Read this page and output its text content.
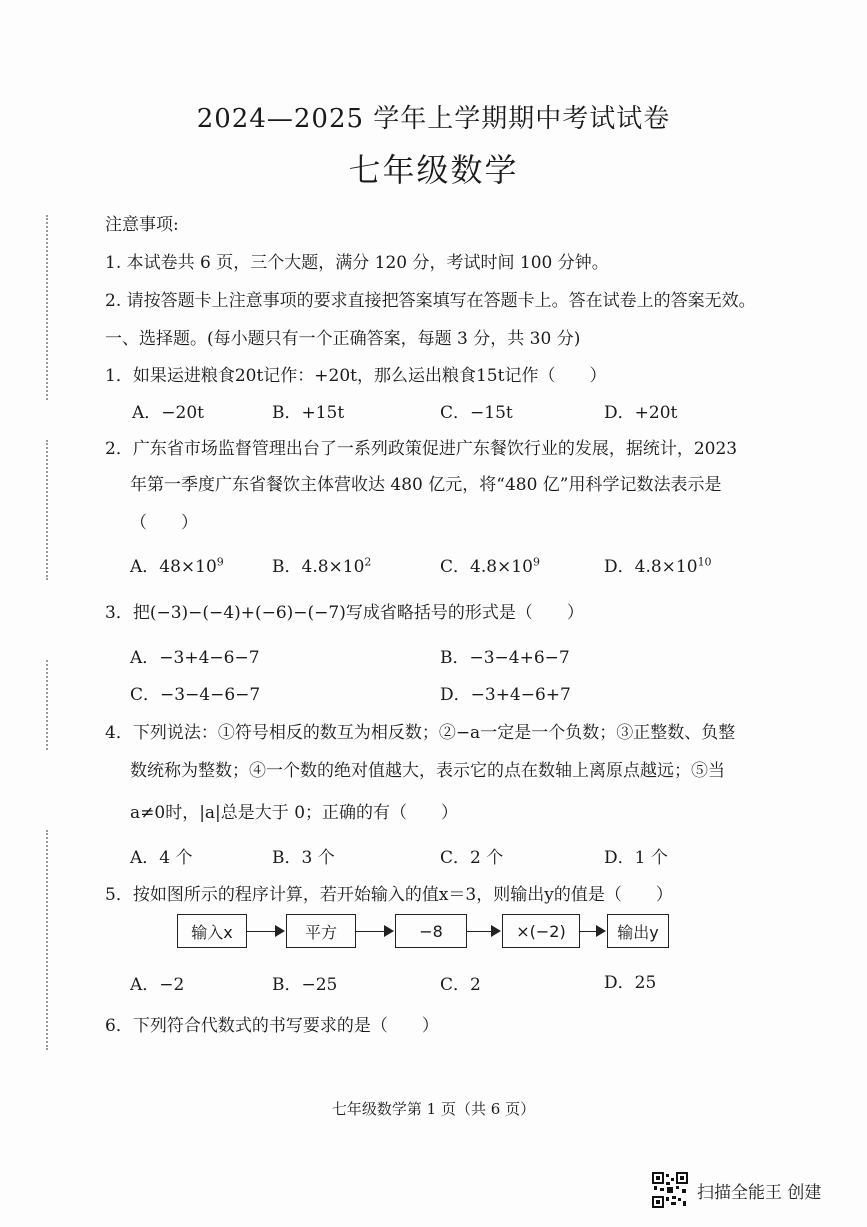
2024—2025 学年上学期期中考试试卷
七年级数学
注意事项:
1. 本试卷共 6 页，三个大题，满分 120 分，考试时间 100 分钟。
2. 请按答题卡上注意事项的要求直接把答案填写在答题卡上。答在试卷上的答案无效。
一、选择题。(每小题只有一个正确答案，每题 3 分，共 30 分)
1．如果运进粮食20t记作：+20t，那么运出粮食15t记作（　　）
A．−20t	B．+15t	C．−15t	D．+20t
2．广东省市场监督管理出台了一系列政策促进广东餐饮行业的发展，据统计，2023
年第一季度广东省餐饮主体营收达 480 亿元，将“480 亿”用科学记数法表示是
（　　）
A．$48\times 10^9$	B．$4.8\times 10^2$	C．$4.8\times 10^9$	D．$4.8\times 10^{10}$
3．把(−3)−(−4)+(−6)−(−7)写成省略括号的形式是（　　）
A．−3+4−6−7	B．−3−4+6−7
C．−3−4−6−7	D．−3+4−6+7
4．下列说法：①符号相反的数互为相反数；②−a一定是一个负数；③正整数、负整
数统称为整数；④一个数的绝对值越大，表示它的点在数轴上离原点越远；⑤当
a≠0时，|a|总是大于 0；正确的有（　　）
A．4 个	B．3 个	C．2 个	D．1 个
5．按如图所示的程序计算，若开始输入的值x＝3，则输出y的值是（　　）
输入x	平方	−8	×(−2)	输出y
A．−2	B．−25	C．2	D．25
6．下列符合代数式的书写要求的是（　　）
七年级数学第 1 页（共 6 页）
扫描全能王 创建
